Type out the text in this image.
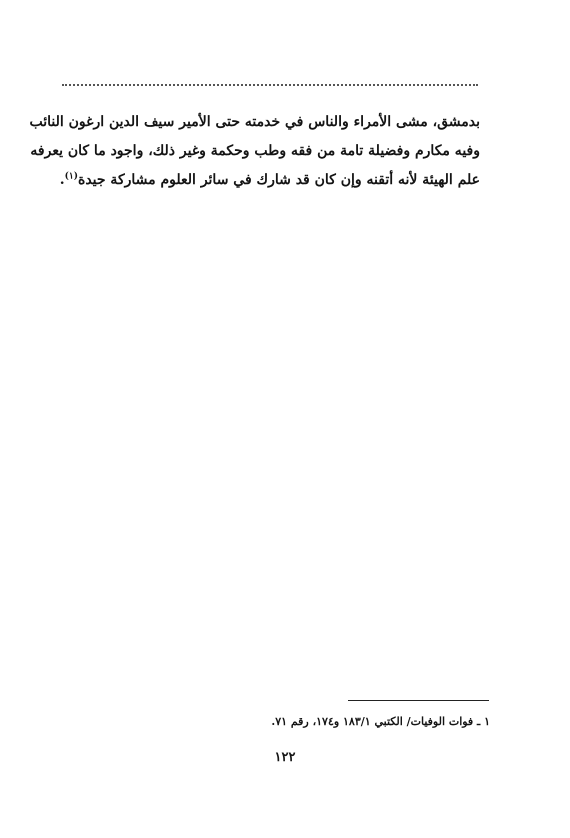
بدمشق، مشى الأمراء والناس في خدمته حتى الأمير سيف الدين ارغون النائب
وفيه مكارم وفضيلة تامة من فقه وطب وحكمة وغير ذلك، واجود ما كان يعرفه
علم الهيئة لأنه أتقنه وإن كان قد شارك في سائر العلوم مشاركة جيدة$^{(١)}$.

١ ـ فوات الوفيات/ الكتبي ١٨٣/١ و١٧٤، رقم ٧١.

١٢٢
